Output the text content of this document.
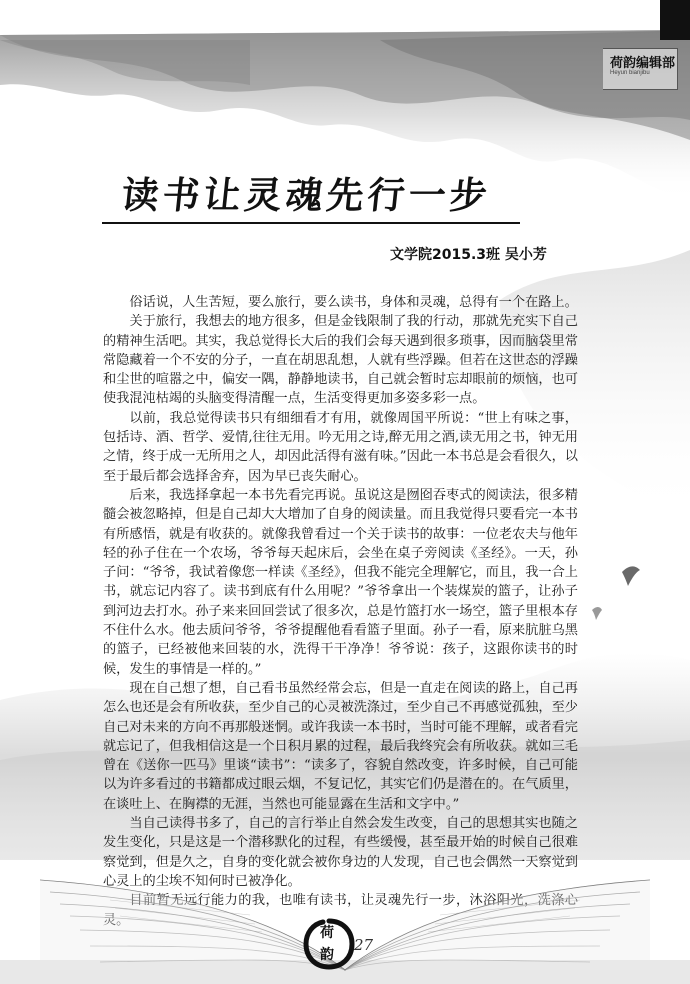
荷韵编辑部
Heyun bianjibu
读书让灵魂先行一步
文学院2015.3班 吴小芳

俗话说，人生苦短，要么旅行，要么读书，身体和灵魂，总得有一个在路上。

关于旅行，我想去的地方很多，但是金钱限制了我的行动，那就先充实下自己的精神生活吧。其实，我总觉得长大后的我们会每天遇到很多琐事，因而脑袋里常常隐藏着一个不安的分子，一直在胡思乱想，人就有些浮躁。但若在这世态的浮躁和尘世的喧嚣之中，偏安一隅，静静地读书，自己就会暂时忘却眼前的烦恼，也可使我混沌枯竭的头脑变得清醒一点，生活变得更加多姿多彩一点。

以前，我总觉得读书只有细细看才有用，就像周国平所说：“世上有味之事，包括诗、酒、哲学、爱情,往往无用。吟无用之诗,醉无用之酒,读无用之书，钟无用之情，终于成一无所用之人，却因此活得有滋有味。”因此一本书总是会看很久，以至于最后都会选择舍弃，因为早已丧失耐心。

后来，我选择拿起一本书先看完再说。虽说这是囫囵吞枣式的阅读法，很多精髓会被忽略掉，但是自己却大大增加了自身的阅读量。而且我觉得只要看完一本书有所感悟，就是有收获的。就像我曾看过一个关于读书的故事：一位老农夫与他年轻的孙子住在一个农场，爷爷每天起床后，会坐在桌子旁阅读《圣经》。一天，孙子问：“爷爷，我试着像您一样读《圣经》，但我不能完全理解它，而且，我一合上书，就忘记内容了。读书到底有什么用呢？”爷爷拿出一个装煤炭的篮子，让孙子到河边去打水。孙子来来回回尝试了很多次，总是竹篮打水一场空，篮子里根本存不住什么水。他去质问爷爷，爷爷提醒他看看篮子里面。孙子一看，原来肮脏乌黑的篮子，已经被他来回装的水，洗得干干净净！爷爷说：孩子，这跟你读书的时候，发生的事情是一样的。”

现在自己想了想，自己看书虽然经常会忘，但是一直走在阅读的路上，自己再怎么也还是会有所收获，至少自己的心灵被洗涤过，至少自己不再感觉孤独，至少自己对未来的方向不再那般迷惘。或许我读一本书时，当时可能不理解，或者看完就忘记了，但我相信这是一个日积月累的过程，最后我终究会有所收获。就如三毛曾在《送你一匹马》里谈“读书”：“读多了，容貌自然改变，许多时候，自己可能以为许多看过的书籍都成过眼云烟，不复记忆，其实它们仍是潜在的。在气质里，在谈吐上、在胸襟的无涯，当然也可能显露在生活和文字中。”

当自己读得书多了，自己的言行举止自然会发生改变，自己的思想其实也随之发生变化，只是这是一个潜移默化的过程，有些缓慢，甚至最开始的时候自己很难察觉到，但是久之，自身的变化就会被你身边的人发现，自己也会偶然一天察觉到心灵上的尘埃不知何时已被净化。

目前暂无远行能力的我，也唯有读书，让灵魂先行一步，沐浴阳光，洗涤心灵。

荷
韵
27
